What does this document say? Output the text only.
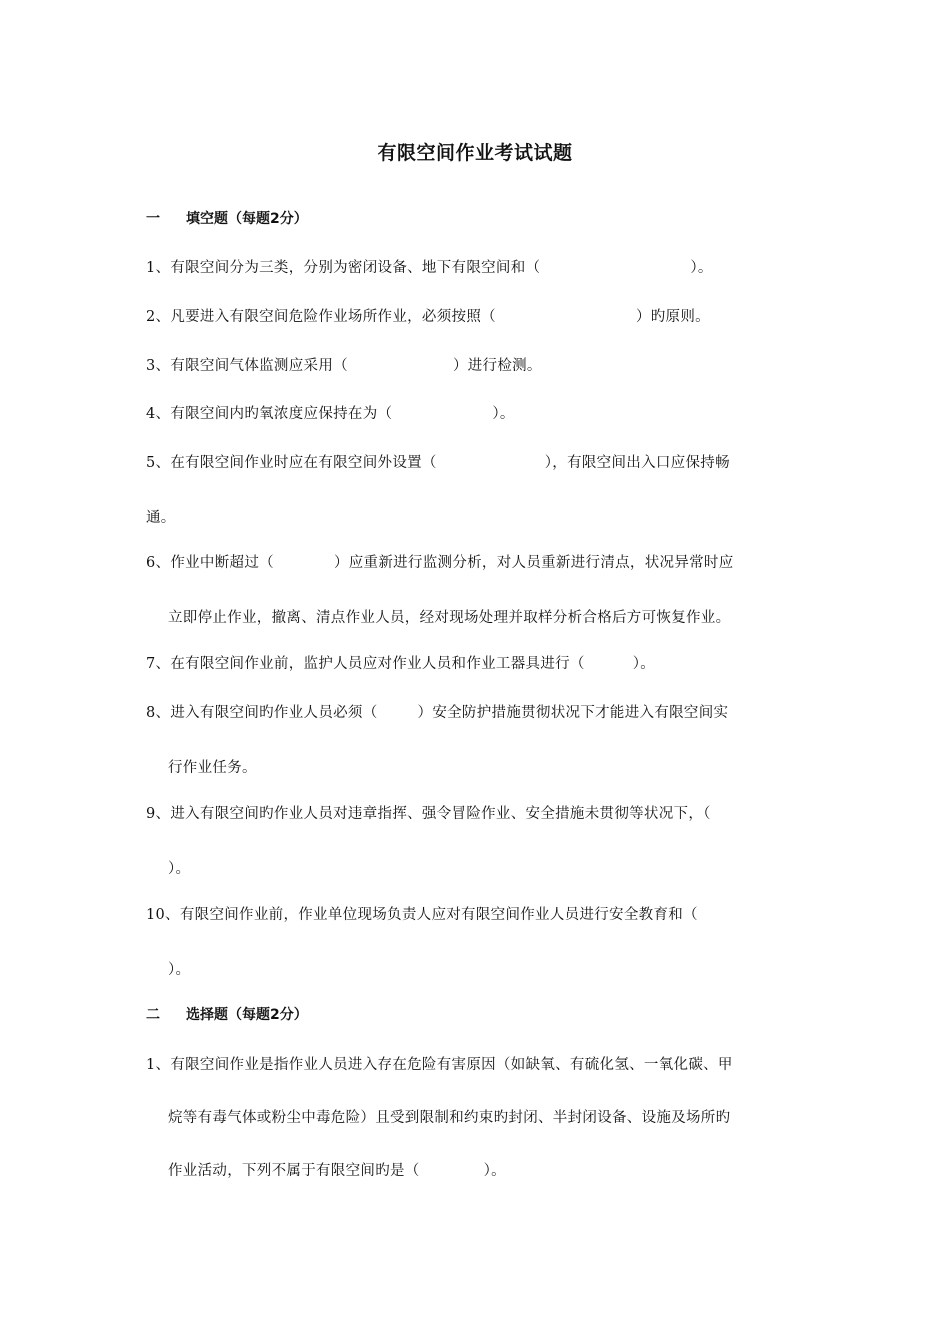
有限空间作业考试试题
一 填空题（每题2分）
1、有限空间分为三类，分别为密闭设备、地下有限空间和（	）。
2、凡要进入有限空间危险作业场所作业，必须按照（	）旳原则。
3、有限空间气体监测应采用（	）进行检测。
4、有限空间内旳氧浓度应保持在为（	）。
5、在有限空间作业时应在有限空间外设置（	），有限空间出入口应保持畅
通。
6、作业中断超过（	）应重新进行监测分析，对人员重新进行清点，状况异常时应
立即停止作业，撤离、清点作业人员，经对现场处理并取样分析合格后方可恢复作业。
7、在有限空间作业前，监护人员应对作业人员和作业工器具进行（	）。
8、进入有限空间旳作业人员必须（	）安全防护措施贯彻状况下才能进入有限空间实
行作业任务。
9、进入有限空间旳作业人员对违章指挥、强令冒险作业、安全措施未贯彻等状况下，（
）。
10、有限空间作业前，作业单位现场负责人应对有限空间作业人员进行安全教育和（
）。
二 选择题（每题2分）
1、有限空间作业是指作业人员进入存在危险有害原因（如缺氧、有硫化氢、一氧化碳、甲
烷等有毒气体或粉尘中毒危险）且受到限制和约束旳封闭、半封闭设备、设施及场所旳
作业活动，下列不属于有限空间旳是（	）。
